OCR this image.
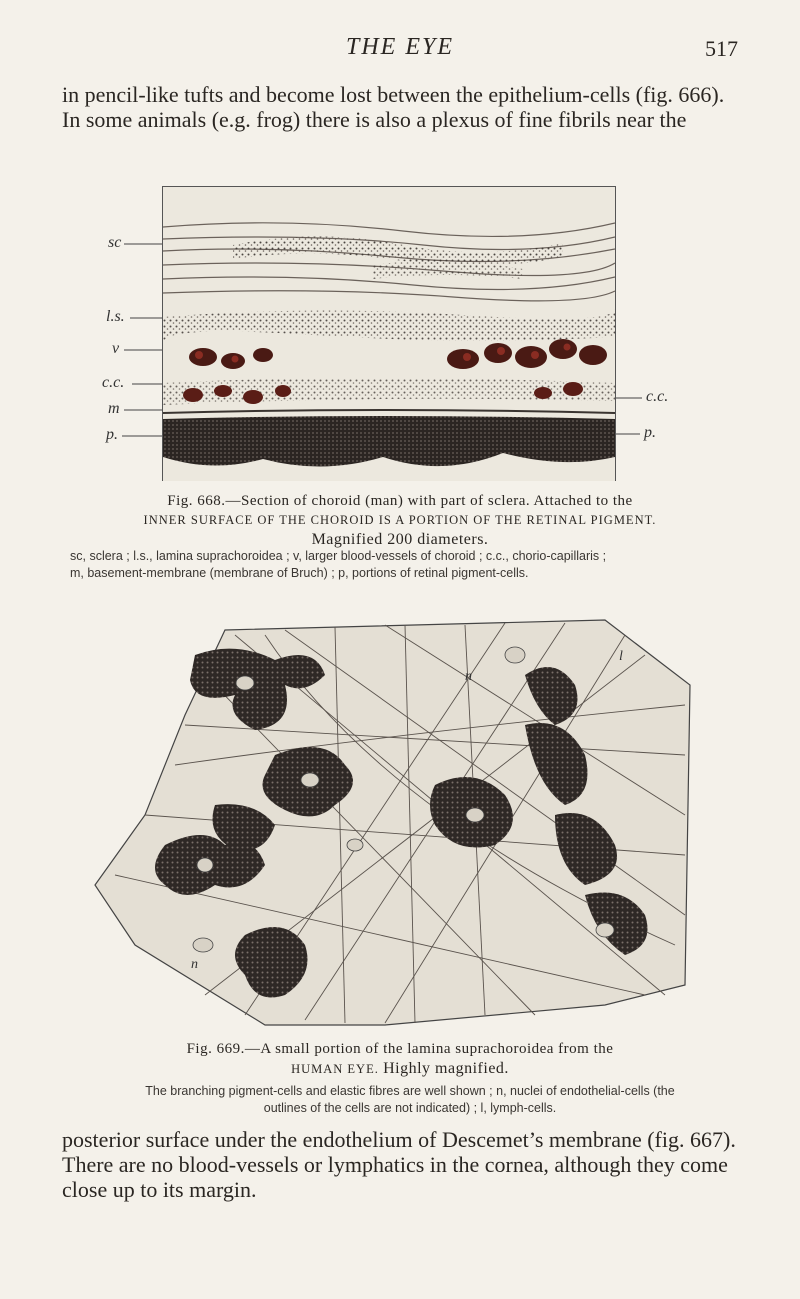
THE EYE	517
in pencil-like tufts and become lost between the epithelium-cells (fig. 666).
In some animals (e.g. frog) there is also a plexus of fine fibrils near the
sc
l.s.
v
c.c.
m
p.
c.c.
p.
Fig. 668.—Section of choroid (man) with part of sclera. Attached to the
INNER SURFACE OF THE CHOROID IS A PORTION OF THE RETINAL PIGMENT.
Magnified 200 diameters.
sc, sclera ; l.s., lamina suprachoroidea ; v, larger blood-vessels of choroid ; c.c., chorio-capillaris ;
m, basement-membrane (membrane of Bruch) ; p, portions of retinal pigment-cells.
n
l
n
Fig. 669.—A small portion of the lamina suprachoroidea from the
HUMAN EYE. Highly magnified.
The branching pigment-cells and elastic fibres are well shown ; n, nuclei of endothelial-cells (the
outlines of the cells are not indicated) ; l, lymph-cells.
posterior surface under the endothelium of Descemet’s membrane (fig. 667).
There are no blood-vessels or lymphatics in the cornea, although they come
close up to its margin.
